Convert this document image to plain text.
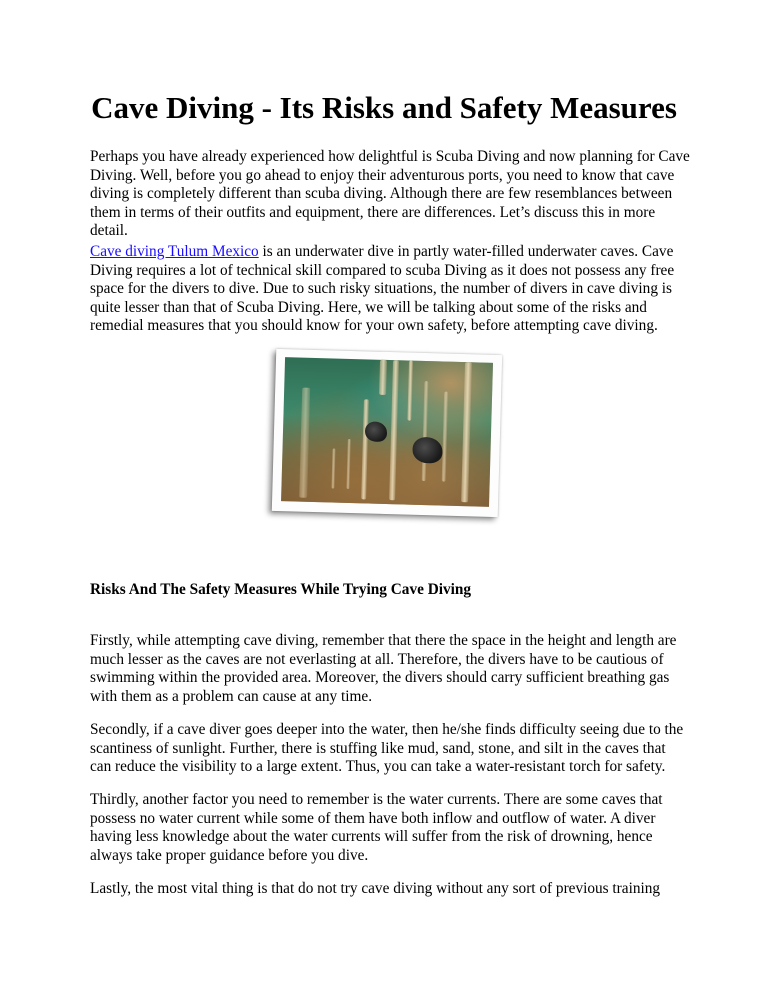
Cave Diving - Its Risks and Safety Measures

Perhaps you have already experienced how delightful is Scuba Diving and now planning for Cave Diving. Well, before you go ahead to enjoy their adventurous ports, you need to know that cave diving is completely different than scuba diving. Although there are few resemblances between them in terms of their outfits and equipment, there are differences. Let’s discuss this in more detail.

Cave diving Tulum Mexico is an underwater dive in partly water-filled underwater caves. Cave Diving requires a lot of technical skill compared to scuba Diving as it does not possess any free space for the divers to dive. Due to such risky situations, the number of divers in cave diving is quite lesser than that of Scuba Diving. Here, we will be talking about some of the risks and remedial measures that you should know for your own safety, before attempting cave diving.

Risks And The Safety Measures While Trying Cave Diving

Firstly, while attempting cave diving, remember that there the space in the height and length are much lesser as the caves are not everlasting at all. Therefore, the divers have to be cautious of swimming within the provided area. Moreover, the divers should carry sufficient breathing gas with them as a problem can cause at any time.

Secondly, if a cave diver goes deeper into the water, then he/she finds difficulty seeing due to the scantiness of sunlight. Further, there is stuffing like mud, sand, stone, and silt in the caves that can reduce the visibility to a large extent. Thus, you can take a water-resistant torch for safety.

Thirdly, another factor you need to remember is the water currents. There are some caves that possess no water current while some of them have both inflow and outflow of water. A diver having less knowledge about the water currents will suffer from the risk of drowning, hence always take proper guidance before you dive.

Lastly, the most vital thing is that do not try cave diving without any sort of previous training
